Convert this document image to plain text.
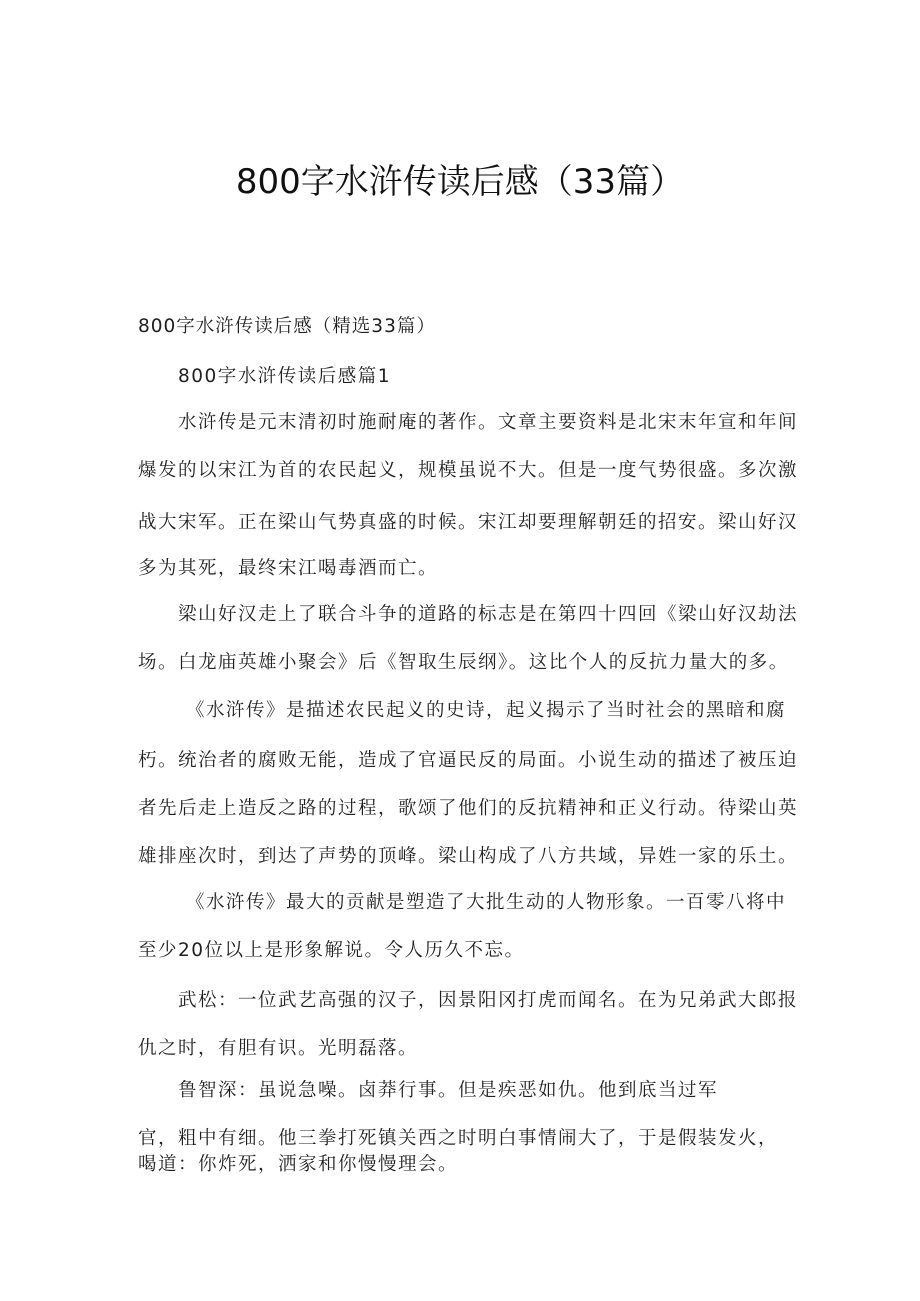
800字水浒传读后感（33篇）
800字水浒传读后感（精选33篇）
800字水浒传读后感篇1
水浒传是元末清初时施耐庵的著作。文章主要资料是北宋末年宣和年间
爆发的以宋江为首的农民起义，规模虽说不大。但是一度气势很盛。多次激
战大宋军。正在梁山气势真盛的时候。宋江却要理解朝廷的招安。梁山好汉
多为其死，最终宋江喝毒酒而亡。
梁山好汉走上了联合斗争的道路的标志是在第四十四回《梁山好汉劫法
场。白龙庙英雄小聚会》后《智取生辰纲》。这比个人的反抗力量大的多。
《水浒传》是描述农民起义的史诗，起义揭示了当时社会的黑暗和腐
朽。统治者的腐败无能，造成了官逼民反的局面。小说生动的描述了被压迫
者先后走上造反之路的过程，歌颂了他们的反抗精神和正义行动。待梁山英
雄排座次时，到达了声势的顶峰。梁山构成了八方共域，异姓一家的乐土。
《水浒传》最大的贡献是塑造了大批生动的人物形象。一百零八将中
至少20位以上是形象解说。令人历久不忘。
武松：一位武艺高强的汉子，因景阳冈打虎而闻名。在为兄弟武大郎报
仇之时，有胆有识。光明磊落。
鲁智深：虽说急噪。卤莽行事。但是疾恶如仇。他到底当过军
官，粗中有细。他三拳打死镇关西之时明白事情闹大了，于是假装发火，
喝道：你炸死，洒家和你慢慢理会。
